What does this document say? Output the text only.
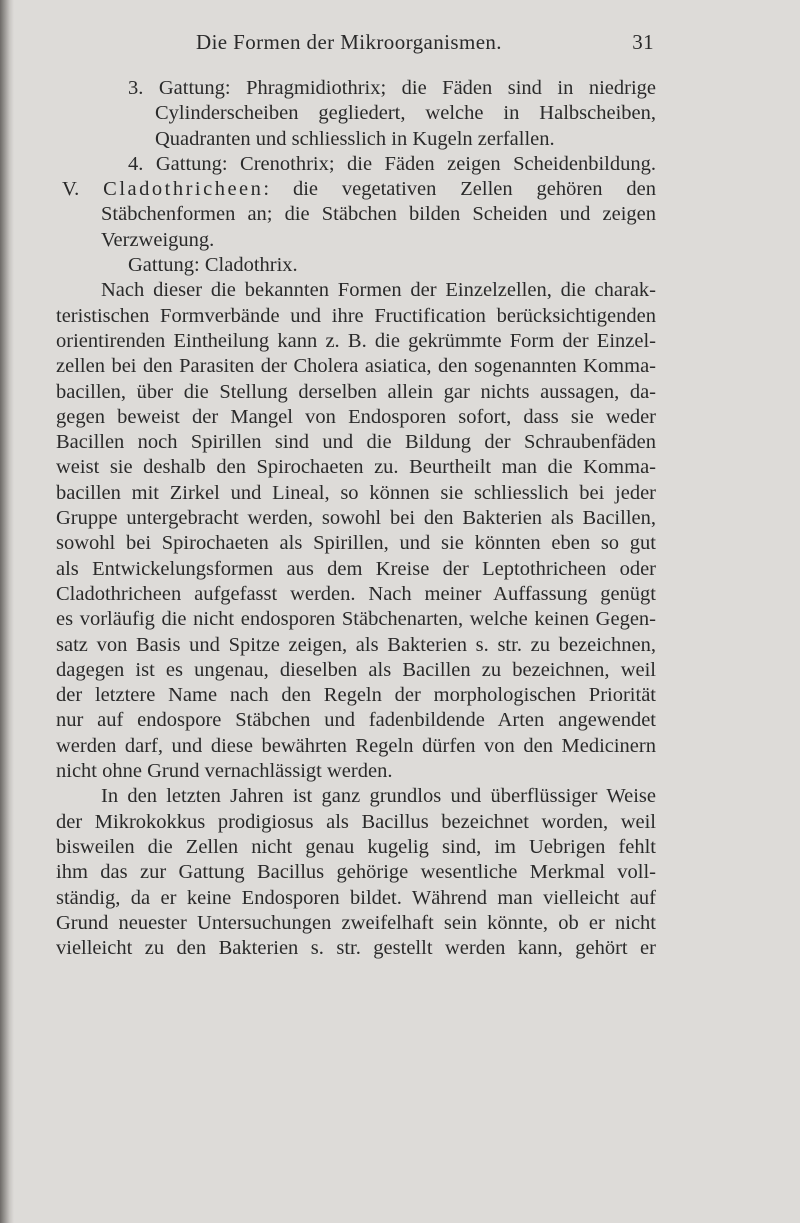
Die Formen der Mikroorganismen.	31
3. Gattung: Phragmidiothrix; die Fäden sind in niedrige
Cylinderscheiben gegliedert, welche in Halbscheiben,
Quadranten und schliesslich in Kugeln zerfallen.
4. Gattung: Crenothrix; die Fäden zeigen Scheidenbildung.
V. Cladothricheen: die vegetativen Zellen gehören den
Stäbchenformen an; die Stäbchen bilden Scheiden und zeigen
Verzweigung.
Gattung: Cladothrix.
Nach dieser die bekannten Formen der Einzelzellen, die charak-
teristischen Formverbände und ihre Fructification berücksichtigenden
orientirenden Eintheilung kann z. B. die gekrümmte Form der Einzel-
zellen bei den Parasiten der Cholera asiatica, den sogenannten Komma-
bacillen, über die Stellung derselben allein gar nichts aussagen, da-
gegen beweist der Mangel von Endosporen sofort, dass sie weder
Bacillen noch Spirillen sind und die Bildung der Schraubenfäden
weist sie deshalb den Spirochaeten zu. Beurtheilt man die Komma-
bacillen mit Zirkel und Lineal, so können sie schliesslich bei jeder
Gruppe untergebracht werden, sowohl bei den Bakterien als Bacillen,
sowohl bei Spirochaeten als Spirillen, und sie könnten eben so gut
als Entwickelungsformen aus dem Kreise der Leptothricheen oder
Cladothricheen aufgefasst werden. Nach meiner Auffassung genügt
es vorläufig die nicht endosporen Stäbchenarten, welche keinen Gegen-
satz von Basis und Spitze zeigen, als Bakterien s. str. zu bezeichnen,
dagegen ist es ungenau, dieselben als Bacillen zu bezeichnen, weil
der letztere Name nach den Regeln der morphologischen Priorität
nur auf endospore Stäbchen und fadenbildende Arten angewendet
werden darf, und diese bewährten Regeln dürfen von den Medicinern
nicht ohne Grund vernachlässigt werden.
In den letzten Jahren ist ganz grundlos und überflüssiger Weise
der Mikrokokkus prodigiosus als Bacillus bezeichnet worden, weil
bisweilen die Zellen nicht genau kugelig sind, im Uebrigen fehlt
ihm das zur Gattung Bacillus gehörige wesentliche Merkmal voll-
ständig, da er keine Endosporen bildet. Während man vielleicht auf
Grund neuester Untersuchungen zweifelhaft sein könnte, ob er nicht
vielleicht zu den Bakterien s. str. gestellt werden kann, gehört er
